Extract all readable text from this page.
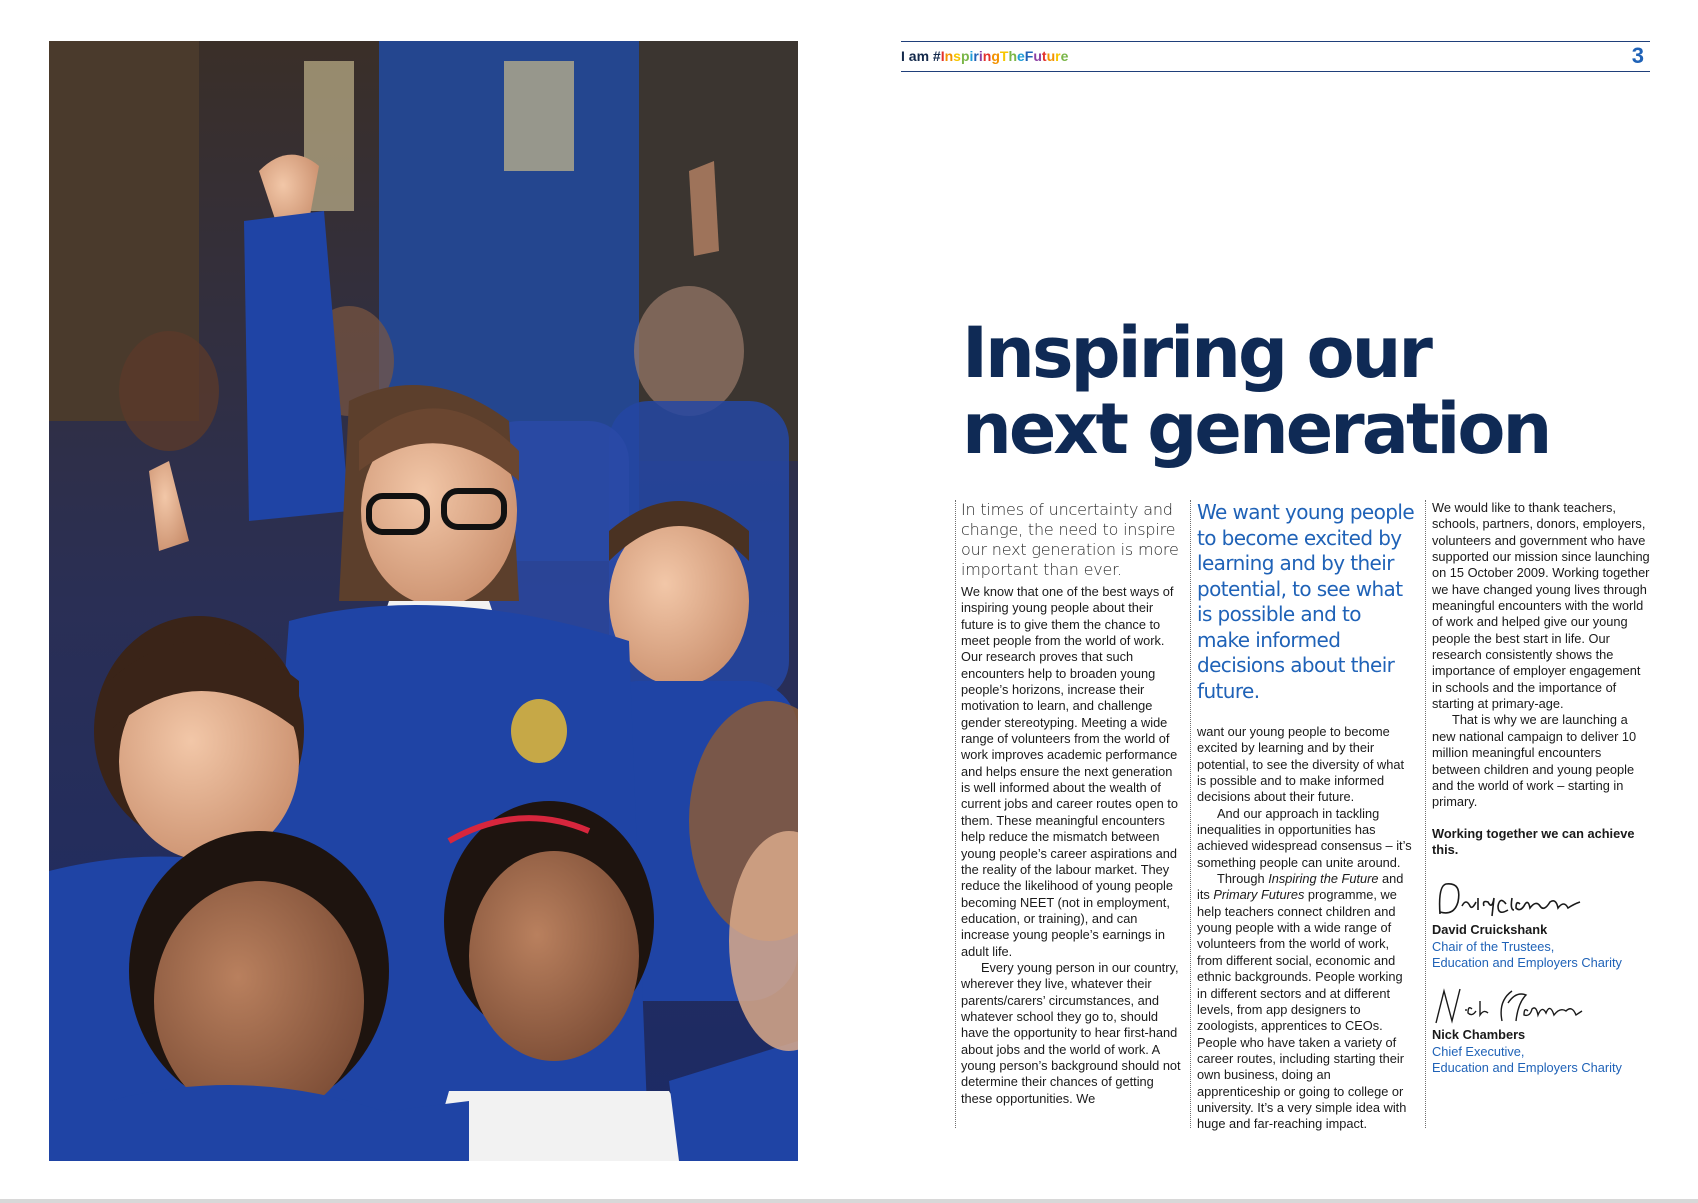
I am #InspiringTheFuture	3
Inspiring our
next generation

In times of uncertainty and change, the need to inspire our next generation is more important than ever.

We know that one of the best ways of inspiring young people about their future is to give them the chance to meet people from the world of work. Our research proves that such encounters help to broaden young people’s horizons, increase their motivation to learn, and challenge gender stereotyping. Meeting a wide range of volunteers from the world of work improves academic performance and helps ensure the next generation is well informed about the wealth of current jobs and career routes open to them. These meaningful encounters help reduce the mismatch between young people’s career aspirations and the reality of the labour market. They reduce the likelihood of young people becoming NEET (not in employment, education, or training), and can increase young people’s earnings in adult life.

Every young person in our country, wherever they live, whatever their parents/carers’ circumstances, and whatever school they go to, should have the opportunity to hear first-hand about jobs and the world of work. A young person’s background should not determine their chances of getting these opportunities. We

We want young people to become excited by learning and by their potential, to see what is possible and to make informed decisions about their future.

want our young people to become excited by learning and by their potential, to see the diversity of what is possible and to make informed decisions about their future.

And our approach in tackling inequalities in opportunities has achieved widespread consensus – it’s something people can unite around.

Through Inspiring the Future and its Primary Futures programme, we help teachers connect children and young people with a wide range of volunteers from the world of work, from different social, economic and ethnic backgrounds. People working in different sectors and at different levels, from app designers to zoologists, apprentices to CEOs. People who have taken a variety of career routes, including starting their own business, doing an apprenticeship or going to college or university. It’s a very simple idea with huge and far-reaching impact.

We would like to thank teachers, schools, partners, donors, employers, volunteers and government who have supported our mission since launching on 15 October 2009. Working together we have changed young lives through meaningful encounters with the world of work and helped give our young people the best start in life. Our research consistently shows the importance of employer engagement in schools and the importance of starting at primary-age.

That is why we are launching a new national campaign to deliver 10 million meaningful encounters between children and young people and the world of work – starting in primary.

Working together we can achieve this.

David Cruickshank
Chair of the Trustees,
Education and Employers Charity
Nick Chambers
Chief Executive,
Education and Employers Charity
